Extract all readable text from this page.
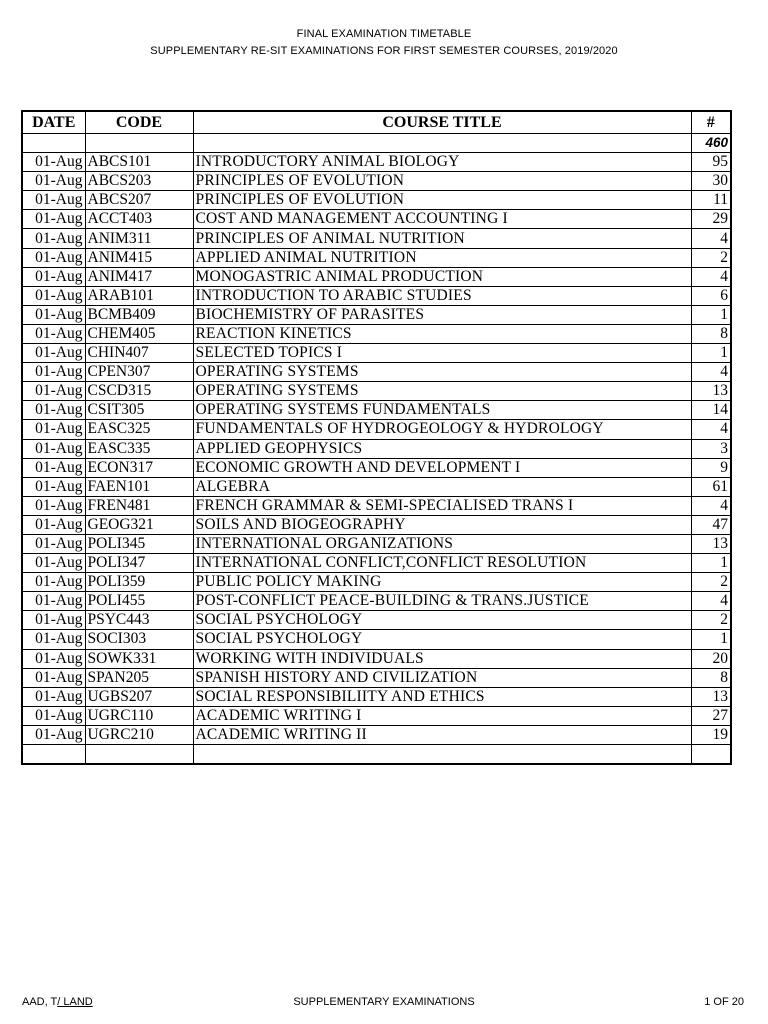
FINAL EXAMINATION TIMETABLE
SUPPLEMENTARY RE-SIT EXAMINATIONS FOR FIRST SEMESTER COURSES, 2019/2020
DATE	CODE	COURSE TITLE	#
			460
01-Aug	ABCS101	INTRODUCTORY ANIMAL BIOLOGY	95
01-Aug	ABCS203	PRINCIPLES OF EVOLUTION	30
01-Aug	ABCS207	PRINCIPLES OF EVOLUTION	11
01-Aug	ACCT403	COST AND MANAGEMENT ACCOUNTING I	29
01-Aug	ANIM311	PRINCIPLES OF ANIMAL NUTRITION	4
01-Aug	ANIM415	APPLIED ANIMAL NUTRITION	2
01-Aug	ANIM417	MONOGASTRIC ANIMAL PRODUCTION	4
01-Aug	ARAB101	INTRODUCTION TO ARABIC STUDIES	6
01-Aug	BCMB409	BIOCHEMISTRY OF PARASITES	1
01-Aug	CHEM405	REACTION KINETICS	8
01-Aug	CHIN407	SELECTED TOPICS I	1
01-Aug	CPEN307	OPERATING SYSTEMS	4
01-Aug	CSCD315	OPERATING SYSTEMS	13
01-Aug	CSIT305	OPERATING SYSTEMS FUNDAMENTALS	14
01-Aug	EASC325	FUNDAMENTALS OF HYDROGEOLOGY & HYDROLOGY	4
01-Aug	EASC335	APPLIED GEOPHYSICS	3
01-Aug	ECON317	ECONOMIC GROWTH AND DEVELOPMENT I	9
01-Aug	FAEN101	ALGEBRA	61
01-Aug	FREN481	FRENCH GRAMMAR & SEMI-SPECIALISED TRANS I	4
01-Aug	GEOG321	SOILS AND BIOGEOGRAPHY	47
01-Aug	POLI345	INTERNATIONAL ORGANIZATIONS	13
01-Aug	POLI347	INTERNATIONAL CONFLICT,CONFLICT RESOLUTION	1
01-Aug	POLI359	PUBLIC POLICY MAKING	2
01-Aug	POLI455	POST-CONFLICT PEACE-BUILDING & TRANS.JUSTICE	4
01-Aug	PSYC443	SOCIAL PSYCHOLOGY	2
01-Aug	SOCI303	SOCIAL PSYCHOLOGY	1
01-Aug	SOWK331	WORKING WITH INDIVIDUALS	20
01-Aug	SPAN205	SPANISH HISTORY AND CIVILIZATION	8
01-Aug	UGBS207	SOCIAL RESPONSIBILIITY AND ETHICS	13
01-Aug	UGRC110	ACADEMIC WRITING I	27
01-Aug	UGRC210	ACADEMIC WRITING II	19

AAD, T/ LAND	SUPPLEMENTARY EXAMINATIONS	1 OF 20
